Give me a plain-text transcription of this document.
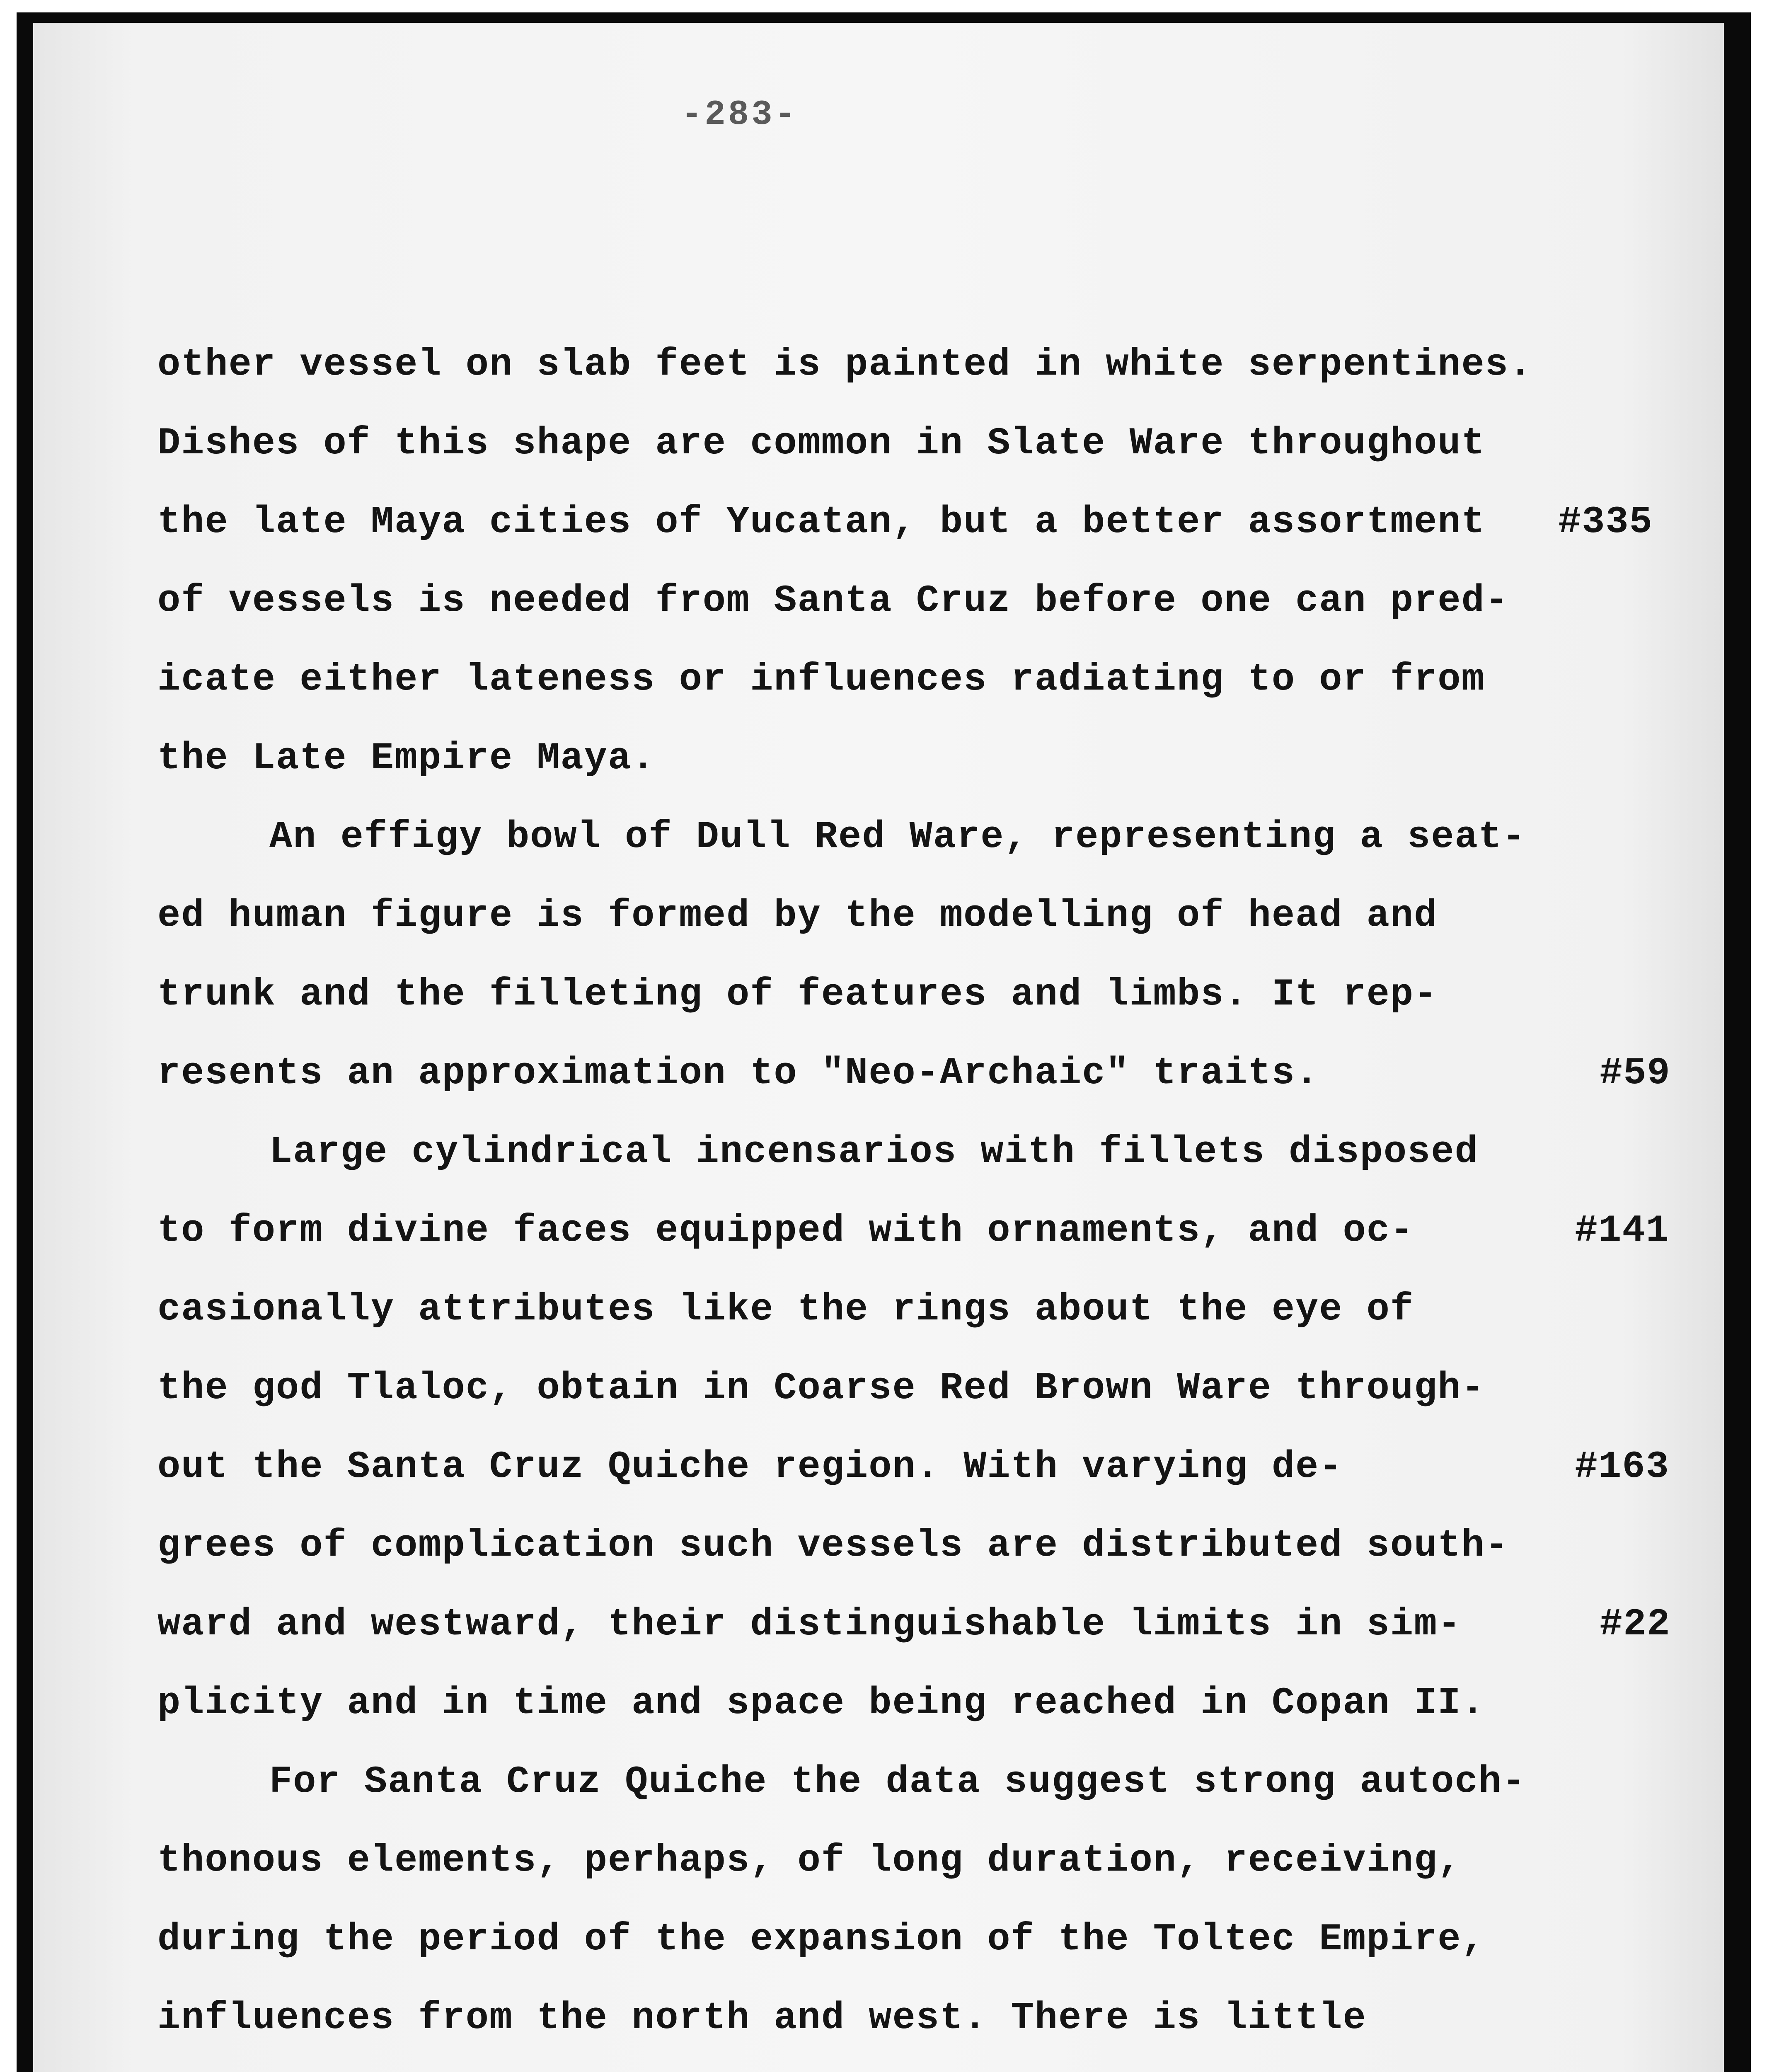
-283-
other vessel on slab feet is painted in white serpentines.
Dishes of this shape are common in Slate Ware throughout
the late Maya cities of Yucatan, but a better assortment
of vessels is needed from Santa Cruz before one can pred-
icate either lateness or influences radiating to or from
the Late Empire Maya.
An effigy bowl of Dull Red Ware, representing a seat-
ed human figure is formed by the modelling of head and
trunk and the filleting of features and limbs. It rep-
resents an approximation to "Neo-Archaic" traits.
Large cylindrical incensarios with fillets disposed
to form divine faces equipped with ornaments, and oc-
casionally attributes like the rings about the eye of
the god Tlaloc, obtain in Coarse Red Brown Ware through-
out the Santa Cruz Quiche region. With varying de-
grees of complication such vessels are distributed south-
ward and westward, their distinguishable limits in sim-
plicity and in time and space being reached in Copan II.
For Santa Cruz Quiche the data suggest strong autoch-
thonous elements, perhaps, of long duration, receiving,
during the period of the expansion of the Toltec Empire,
influences from the north and west. There is little
#335
#59
#141
#163
#22
